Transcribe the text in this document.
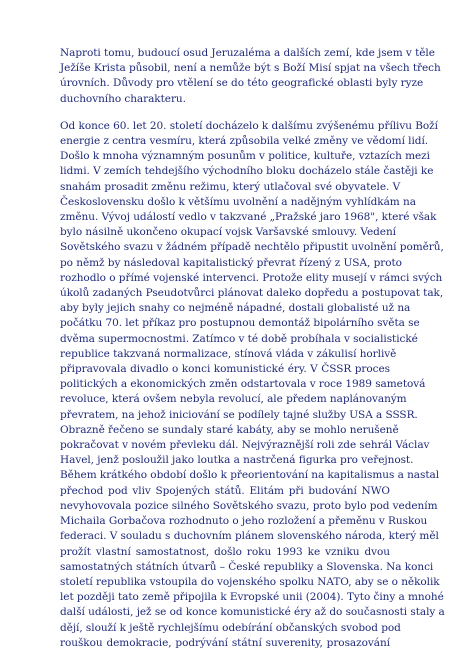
Naproti tomu, budoucí osud Jeruzaléma a dalších zemí, kde jsem v těle
Ježíše Krista působil, není a nemůže být s Boží Misí spjat na všech třech
úrovních. Důvody pro vtělení se do této geografické oblasti byly ryze
duchovního charakteru.
Od konce 60. let 20. století docházelo k dalšímu zvýšenému přílivu Boží
energie z centra vesmíru, která způsobila velké změny ve vědomí lidí.
Došlo k mnoha významným posunům v politice, kultuře, vztazích mezi
lidmi. V zemích tehdejšího východního bloku docházelo stále častěji ke
snahám prosadit změnu režimu, který utlačoval své obyvatele. V
Československu došlo k většímu uvolnění a nadějným vyhlídkám na
změnu. Vývoj událostí vedlo v takzvané „Pražské jaro 1968", které však
bylo násilně ukončeno okupací vojsk Varšavské smlouvy. Vedení
Sovětského svazu v žádném případě nechtělo připustit uvolnění poměrů,
po němž by následoval kapitalistický převrat řízený z USA, proto
rozhodlo o přímé vojenské intervenci. Protože elity musejí v rámci svých
úkolů zadaných Pseudotvůrci plánovat daleko dopředu a postupovat tak,
aby byly jejich snahy co nejméně nápadné, dostali globalisté už na
počátku 70. let příkaz pro postupnou demontáž bipolárního světa se
dvěma supermocnostmi. Zatímco v té době probíhala v socialistické
republice takzvaná normalizace, stínová vláda v zákulisí horlivě
připravovala divadlo o konci komunistické éry. V ČSSR proces
politických a ekonomických změn odstartovala v roce 1989 sametová
revoluce, která ovšem nebyla revolucí, ale předem naplánovaným
převratem, na jehož iniciování se podílely tajné služby USA a SSSR.
Obrazně řečeno se sundaly staré kabáty, aby se mohlo nerušeně
pokračovat v novém převleku dál. Nejvýraznější roli zde sehrál Václav
Havel, jenž posloužil jako loutka a nastrčená figurka pro veřejnost.
Během krátkého období došlo k přeorientování na kapitalismus a nastal
přechod pod vliv Spojených států. Elitám při budování NWO
nevyhovovala pozice silného Sovětského svazu, proto bylo pod vedením
Michaila Gorbačova rozhodnuto o jeho rozložení a přeměnu v Ruskou
federaci. V souladu s duchovním plánem slovenského národa, který měl
prožít vlastní samostatnost, došlo roku 1993 ke vzniku dvou
samostatných státních útvarů – České republiky a Slovenska. Na konci
století republika vstoupila do vojenského spolku NATO, aby se o několik
let později tato země připojila k Evropské unii (2004). Tyto činy a mnohé
další události, jež se od konce komunistické éry až do současnosti staly a
dějí, slouží k ještě rychlejšímu odebírání občanských svobod pod
rouškou demokracie, podrývání státní suverenity, prosazování
